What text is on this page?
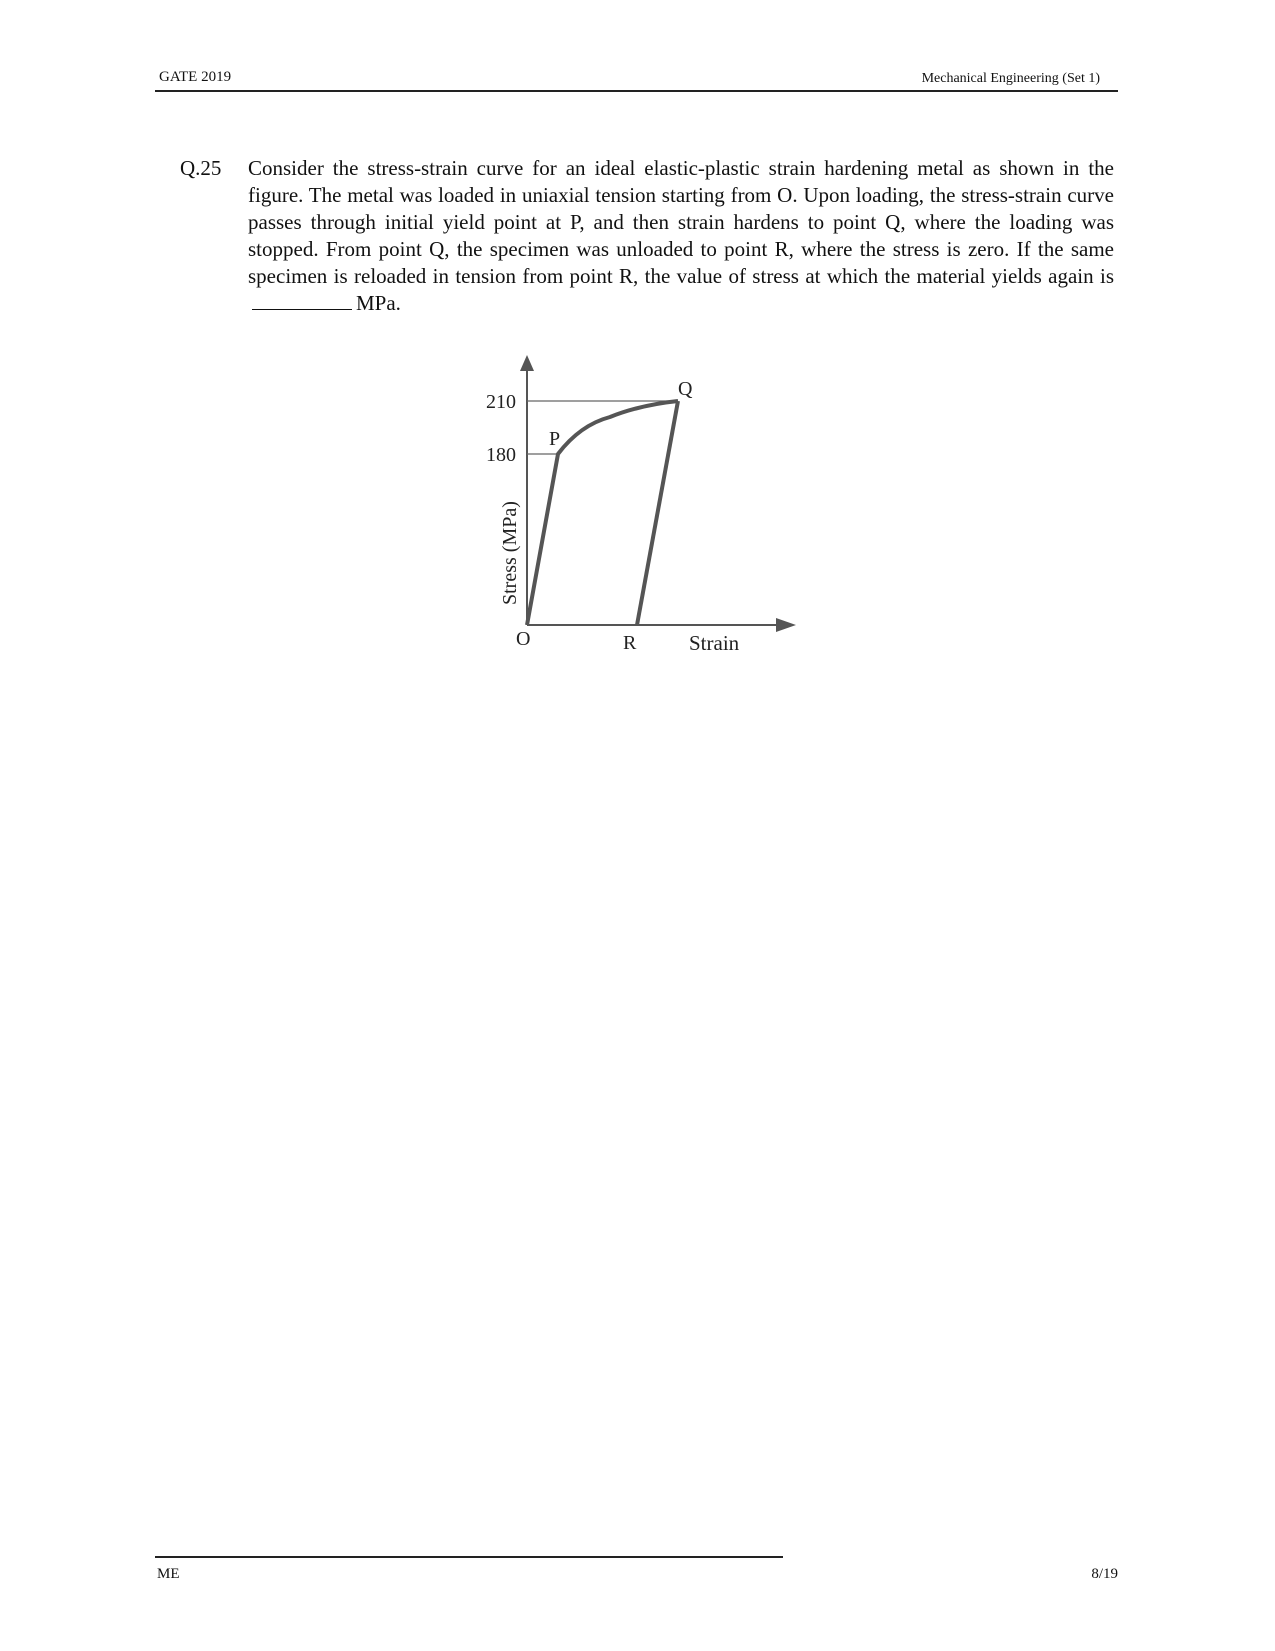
GATE 2019	Mechanical Engineering (Set 1)
Q.25 Consider the stress-strain curve for an ideal elastic-plastic strain hardening metal as shown in the figure. The metal was loaded in uniaxial tension starting from O. Upon loading, the stress-strain curve passes through initial yield point at P, and then strain hardens to point Q, where the loading was stopped. From point Q, the specimen was unloaded to point R, where the stress is zero. If the same specimen is reloaded in tension from point R, the value of stress at which the material yields again isMPa.
210
180
P
Q
O	R	Strain
Stress (MPa)
ME	8/19
